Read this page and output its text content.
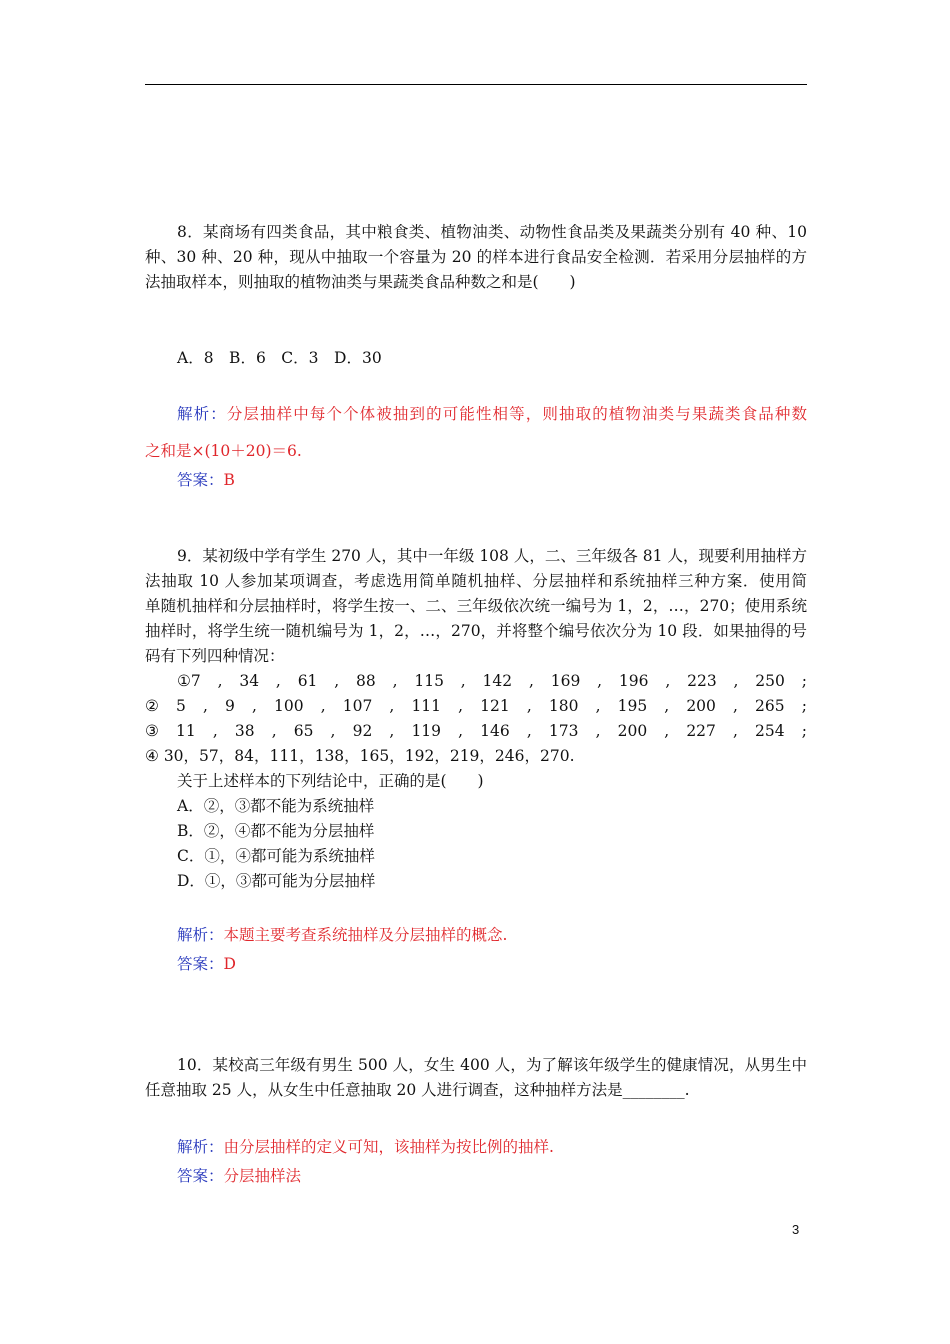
8．某商场有四类食品，其中粮食类、植物油类、动物性食品类及果蔬类分别有 40 种、10
种、30 种、20 种，现从中抽取一个容量为 20 的样本进行食品安全检测．若采用分层抽样的方
法抽取样本，则抽取的植物油类与果蔬类食品种数之和是(　　)
A．8　B．6　C．3　D．30
解析：分层抽样中每个个体被抽到的可能性相等，则抽取的植物油类与果蔬类食品种数
之和是×(10＋20)＝6.
答案：B
9．某初级中学有学生 270 人，其中一年级 108 人，二、三年级各 81 人，现要利用抽样方
法抽取 10 人参加某项调查，考虑选用简单随机抽样、分层抽样和系统抽样三种方案．使用简
单随机抽样和分层抽样时，将学生按一、二、三年级依次统一编号为 1，2，…，270；使用系统
抽样时，将学生统一随机编号为 1，2，…，270，并将整个编号依次分为 10 段．如果抽得的号
码有下列四种情况：
①7 , 34 , 61 , 88 , 115 , 142 , 169 , 196 , 223 , 250 ;
② 5 , 9 , 100 , 107 , 111 , 121 , 180 , 195 , 200 , 265 ;
③ 11 , 38 , 65 , 92 , 119 , 146 , 173 , 200 , 227 , 254 ;
④ 30，57，84，111，138，165，192，219，246，270.
关于上述样本的下列结论中，正确的是(　　)
A．②，③都不能为系统抽样
B．②，④都不能为分层抽样
C．①，④都可能为系统抽样
D．①，③都可能为分层抽样
解析：本题主要考查系统抽样及分层抽样的概念.
答案：D
10．某校高三年级有男生 500 人，女生 400 人，为了解该年级学生的健康情况，从男生中
任意抽取 25 人，从女生中任意抽取 20 人进行调查，这种抽样方法是________.
解析：由分层抽样的定义可知，该抽样为按比例的抽样.
答案：分层抽样法
3
